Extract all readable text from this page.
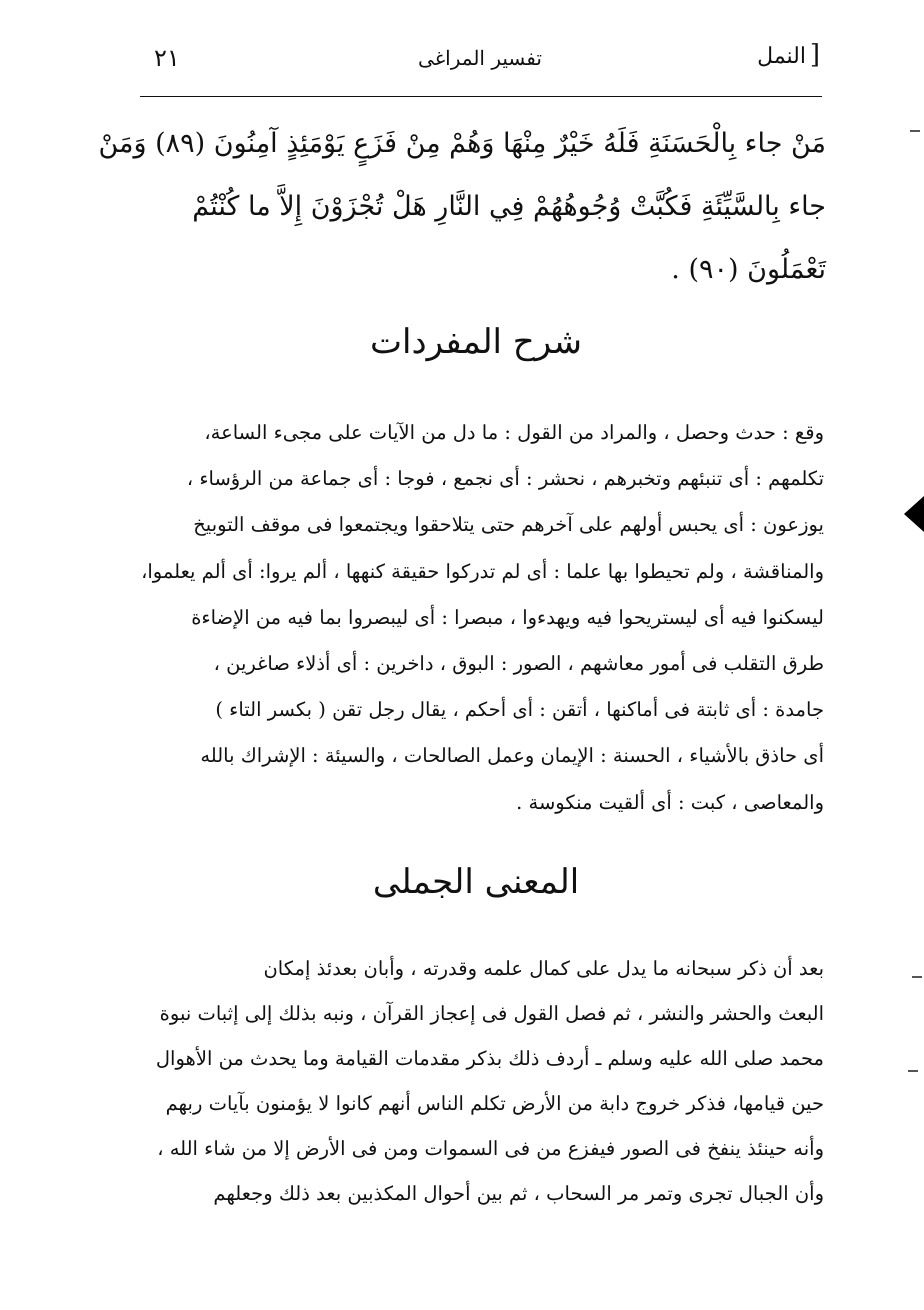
]
النمل
تفسير المراغى
٢١
مَنْ جاء بِالْحَسَنَةِ فَلَهُ خَيْرٌ مِنْهَا وَهُمْ مِنْ فَزَعٍ يَوْمَئِذٍ آمِنُونَ (٨٩) وَمَنْ
جاء بِالسَّيِّئَةِ فَكُبَّتْ وُجُوهُهُمْ فِي النَّارِ هَلْ تُجْزَوْنَ إِلاَّ ما كُنْتُمْ
تَعْمَلُونَ (٩٠) .
شرح المفردات
وقع : حدث وحصل ، والمراد من القول : ما دل من الآيات على مجىء الساعة،
تكلمهم : أى تنبئهم وتخبرهم ، نحشر : أى نجمع ، فوجا : أى جماعة من الرؤساء ،
يوزعون : أى يحبس أولهم على آخرهم حتى يتلاحقوا ويجتمعوا فى موقف التوبيخ
والمناقشة ، ولم تحيطوا بها علما : أى لم تدركوا حقيقة كنهها ، ألم يروا: أى ألم يعلموا،
ليسكنوا فيه أى ليستريحوا فيه ويهدءوا ، مبصرا : أى ليبصروا بما فيه من الإضاءة
طرق التقلب فى أمور معاشهم ، الصور : البوق ، داخرين : أى أذلاء صاغرين ،
جامدة : أى ثابتة فى أماكنها ، أتقن : أى أحكم ، يقال رجل تقن ( بكسر التاء )
أى حاذق بالأشياء ، الحسنة : الإيمان وعمل الصالحات ، والسيئة : الإشراك بالله
والمعاصى ، كبت : أى ألقيت منكوسة .
المعنى الجملى
بعد أن ذكر سبحانه ما يدل على كمال علمه وقدرته ، وأبان بعدئذ إمكان
البعث والحشر والنشر ، ثم فصل القول فى إعجاز القرآن ، ونبه بذلك إلى إثبات نبوة
محمد صلى الله عليه وسلم ـ أردف ذلك بذكر مقدمات القيامة وما يحدث من الأهوال
حين قيامها، فذكر خروج دابة من الأرض تكلم الناس أنهم كانوا لا يؤمنون بآيات ربهم
وأنه حينئذ ينفخ فى الصور فيفزع من فى السموات ومن فى الأرض إلا من شاء الله ،
وأن الجبال تجرى وتمر مر السحاب ، ثم بين أحوال المكذبين بعد ذلك وجعلهم
